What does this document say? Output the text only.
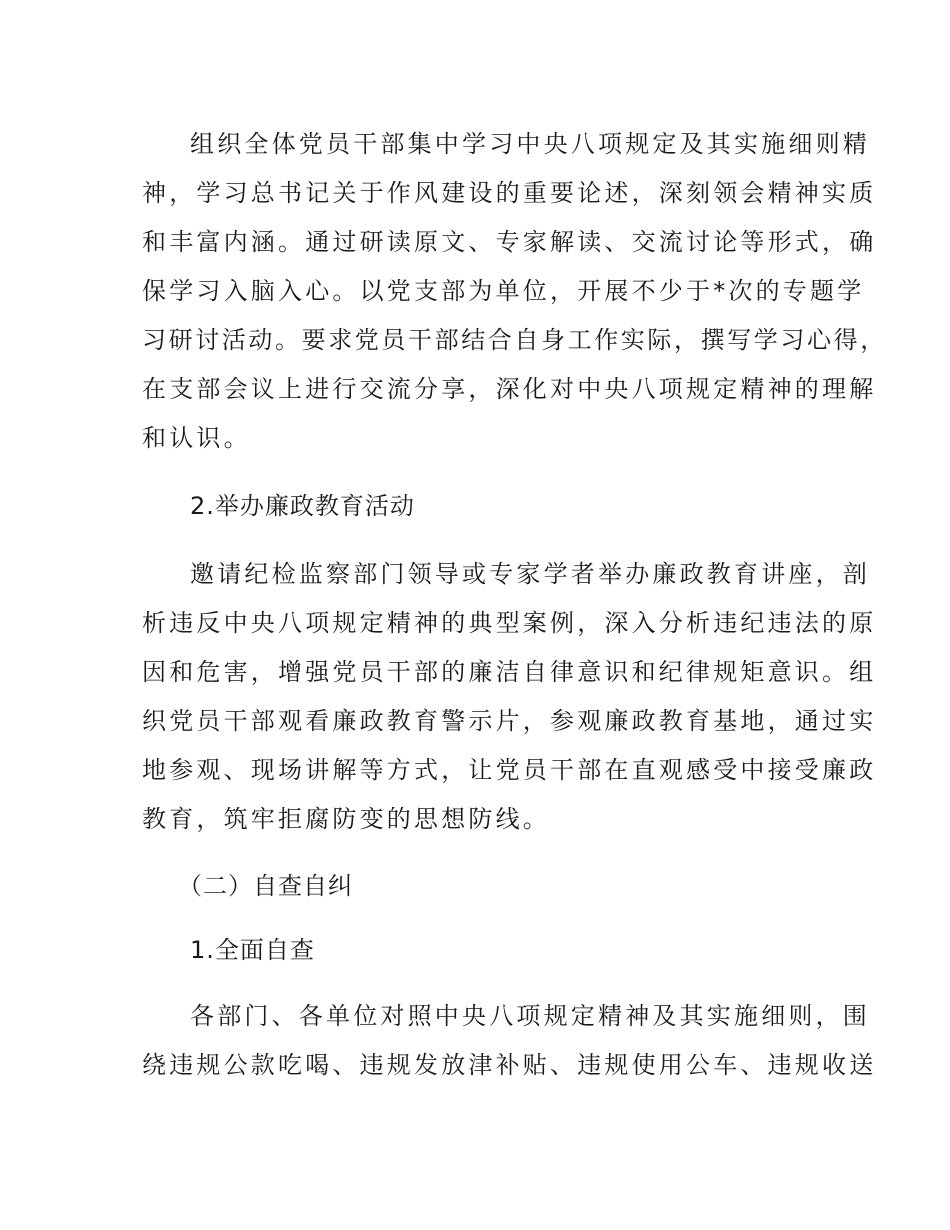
组织全体党员干部集中学习中央八项规定及其实施细则精
神，学习总书记关于作风建设的重要论述，深刻领会精神实质
和丰富内涵。通过研读原文、专家解读、交流讨论等形式，确
保学习入脑入心。以党支部为单位，开展不少于*次的专题学
习研讨活动。要求党员干部结合自身工作实际，撰写学习心得，
在支部会议上进行交流分享，深化对中央八项规定精神的理解
和认识。
2.举办廉政教育活动
邀请纪检监察部门领导或专家学者举办廉政教育讲座，剖
析违反中央八项规定精神的典型案例，深入分析违纪违法的原
因和危害，增强党员干部的廉洁自律意识和纪律规矩意识。组
织党员干部观看廉政教育警示片，参观廉政教育基地，通过实
地参观、现场讲解等方式，让党员干部在直观感受中接受廉政
教育，筑牢拒腐防变的思想防线。
（二）自查自纠
1.全面自查
各部门、各单位对照中央八项规定精神及其实施细则，围
绕违规公款吃喝、违规发放津补贴、违规使用公车、违规收送
